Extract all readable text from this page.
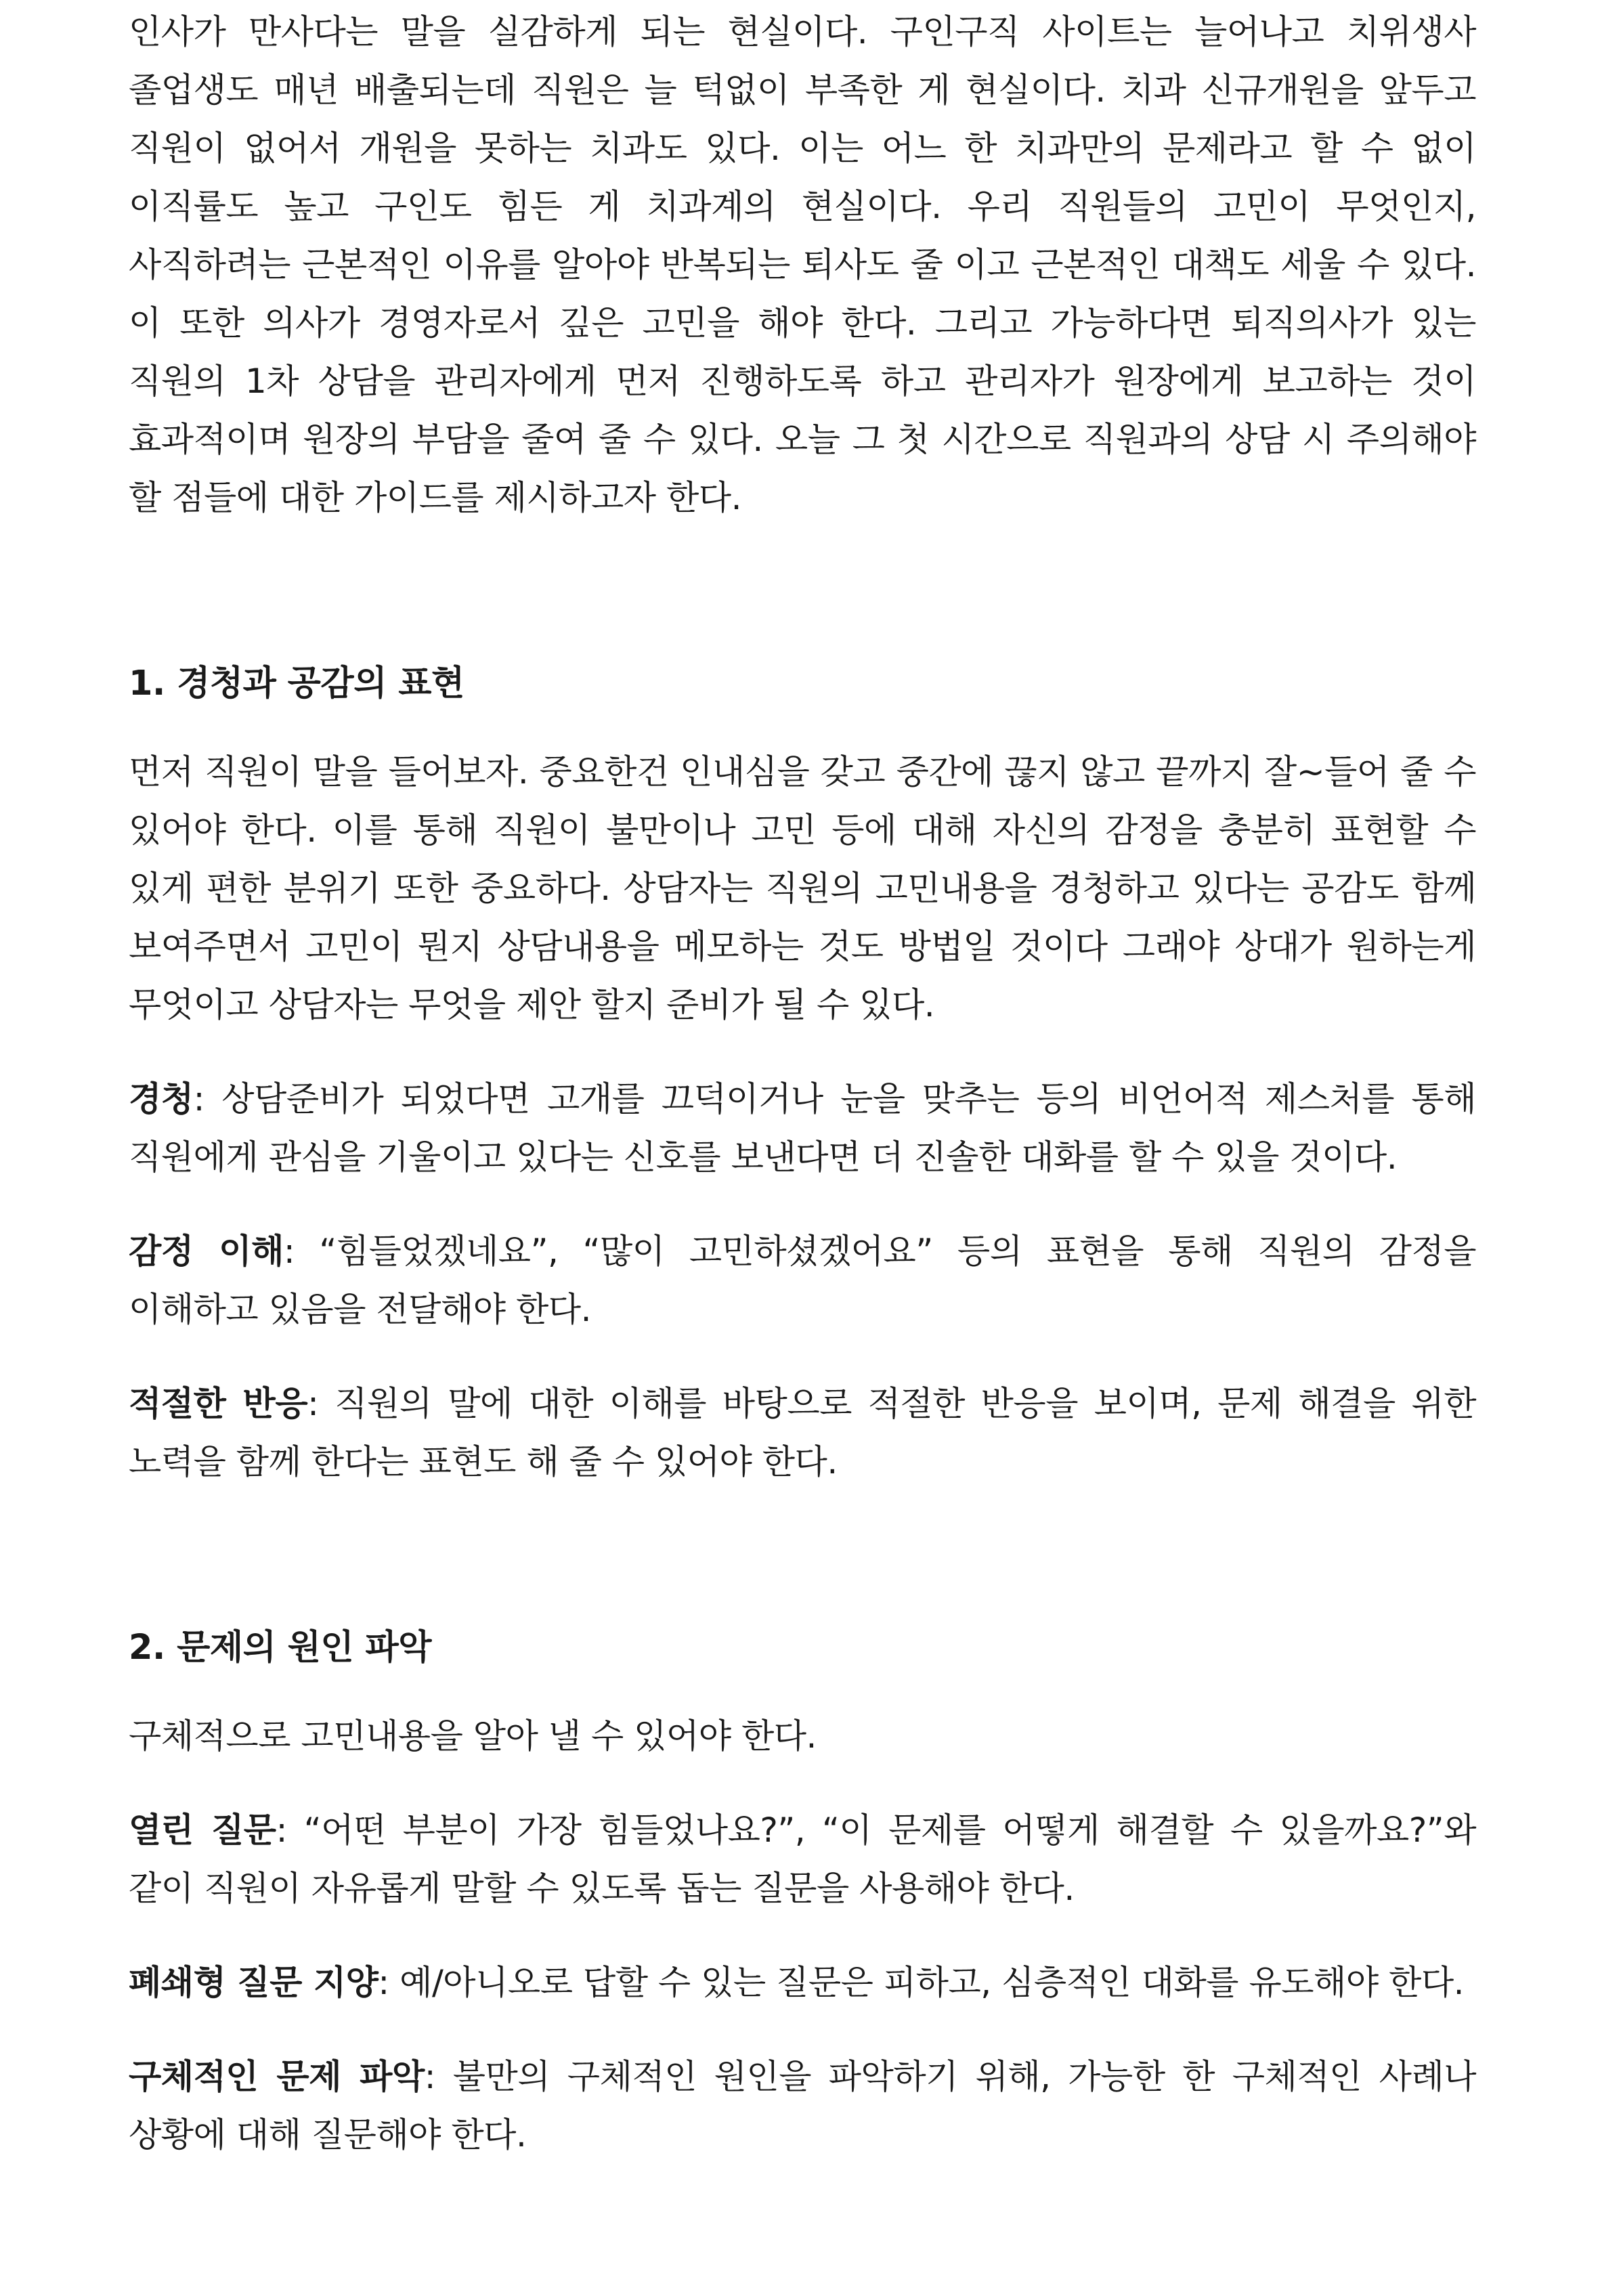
인사가 만사다는 말을 실감하게 되는 현실이다. 구인구직 사이트는 늘어나고 치위생사 졸업생도 매년 배출되는데 직원은 늘 턱없이 부족한 게 현실이다. 치과 신규개원을 앞두고 직원이 없어서 개원을 못하는 치과도 있다. 이는 어느 한 치과만의 문제라고 할 수 없이 이직률도 높고 구인도 힘든 게 치과계의 현실이다. 우리 직원들의 고민이 무엇인지, 사직하려는 근본적인 이유를 알아야 반복되는 퇴사도 줄 이고 근본적인 대책도 세울 수 있다. 이 또한 의사가 경영자로서 깊은 고민을 해야 한다. 그리고 가능하다면 퇴직의사가 있는 직원의 1차 상담을 관리자에게 먼저 진행하도록 하고 관리자가 원장에게 보고하는 것이 효과적이며 원장의 부담을 줄여 줄 수 있다. 오늘 그 첫 시간으로 직원과의 상담 시 주의해야 할 점들에 대한 가이드를 제시하고자 한다.

1. 경청과 공감의 표현

먼저 직원이 말을 들어보자. 중요한건 인내심을 갖고 중간에 끊지 않고 끝까지 잘~들어 줄 수 있어야 한다. 이를 통해 직원이 불만이나 고민 등에 대해 자신의 감정을 충분히 표현할 수 있게 편한 분위기 또한 중요하다. 상담자는 직원의 고민내용을 경청하고 있다는 공감도 함께 보여주면서 고민이 뭔지 상담내용을 메모하는 것도 방법일 것이다 그래야 상대가 원하는게 무엇이고 상담자는 무엇을 제안 할지 준비가 될 수 있다.

경청: 상담준비가 되었다면 고개를 끄덕이거나 눈을 맞추는 등의 비언어적 제스처를 통해 직원에게 관심을 기울이고 있다는 신호를 보낸다면 더 진솔한 대화를 할 수 있을 것이다.

감정 이해: “힘들었겠네요”, “많이 고민하셨겠어요” 등의 표현을 통해 직원의 감정을 이해하고 있음을 전달해야 한다.

적절한 반응: 직원의 말에 대한 이해를 바탕으로 적절한 반응을 보이며, 문제 해결을 위한 노력을 함께 한다는 표현도 해 줄 수 있어야 한다.

2. 문제의 원인 파악

구체적으로 고민내용을 알아 낼 수 있어야 한다.

열린 질문: “어떤 부분이 가장 힘들었나요?”, “이 문제를 어떻게 해결할 수 있을까요?”와 같이 직원이 자유롭게 말할 수 있도록 돕는 질문을 사용해야 한다.

폐쇄형 질문 지양: 예/아니오로 답할 수 있는 질문은 피하고, 심층적인 대화를 유도해야 한다.

구체적인 문제 파악: 불만의 구체적인 원인을 파악하기 위해, 가능한 한 구체적인 사례나 상황에 대해 질문해야 한다.
